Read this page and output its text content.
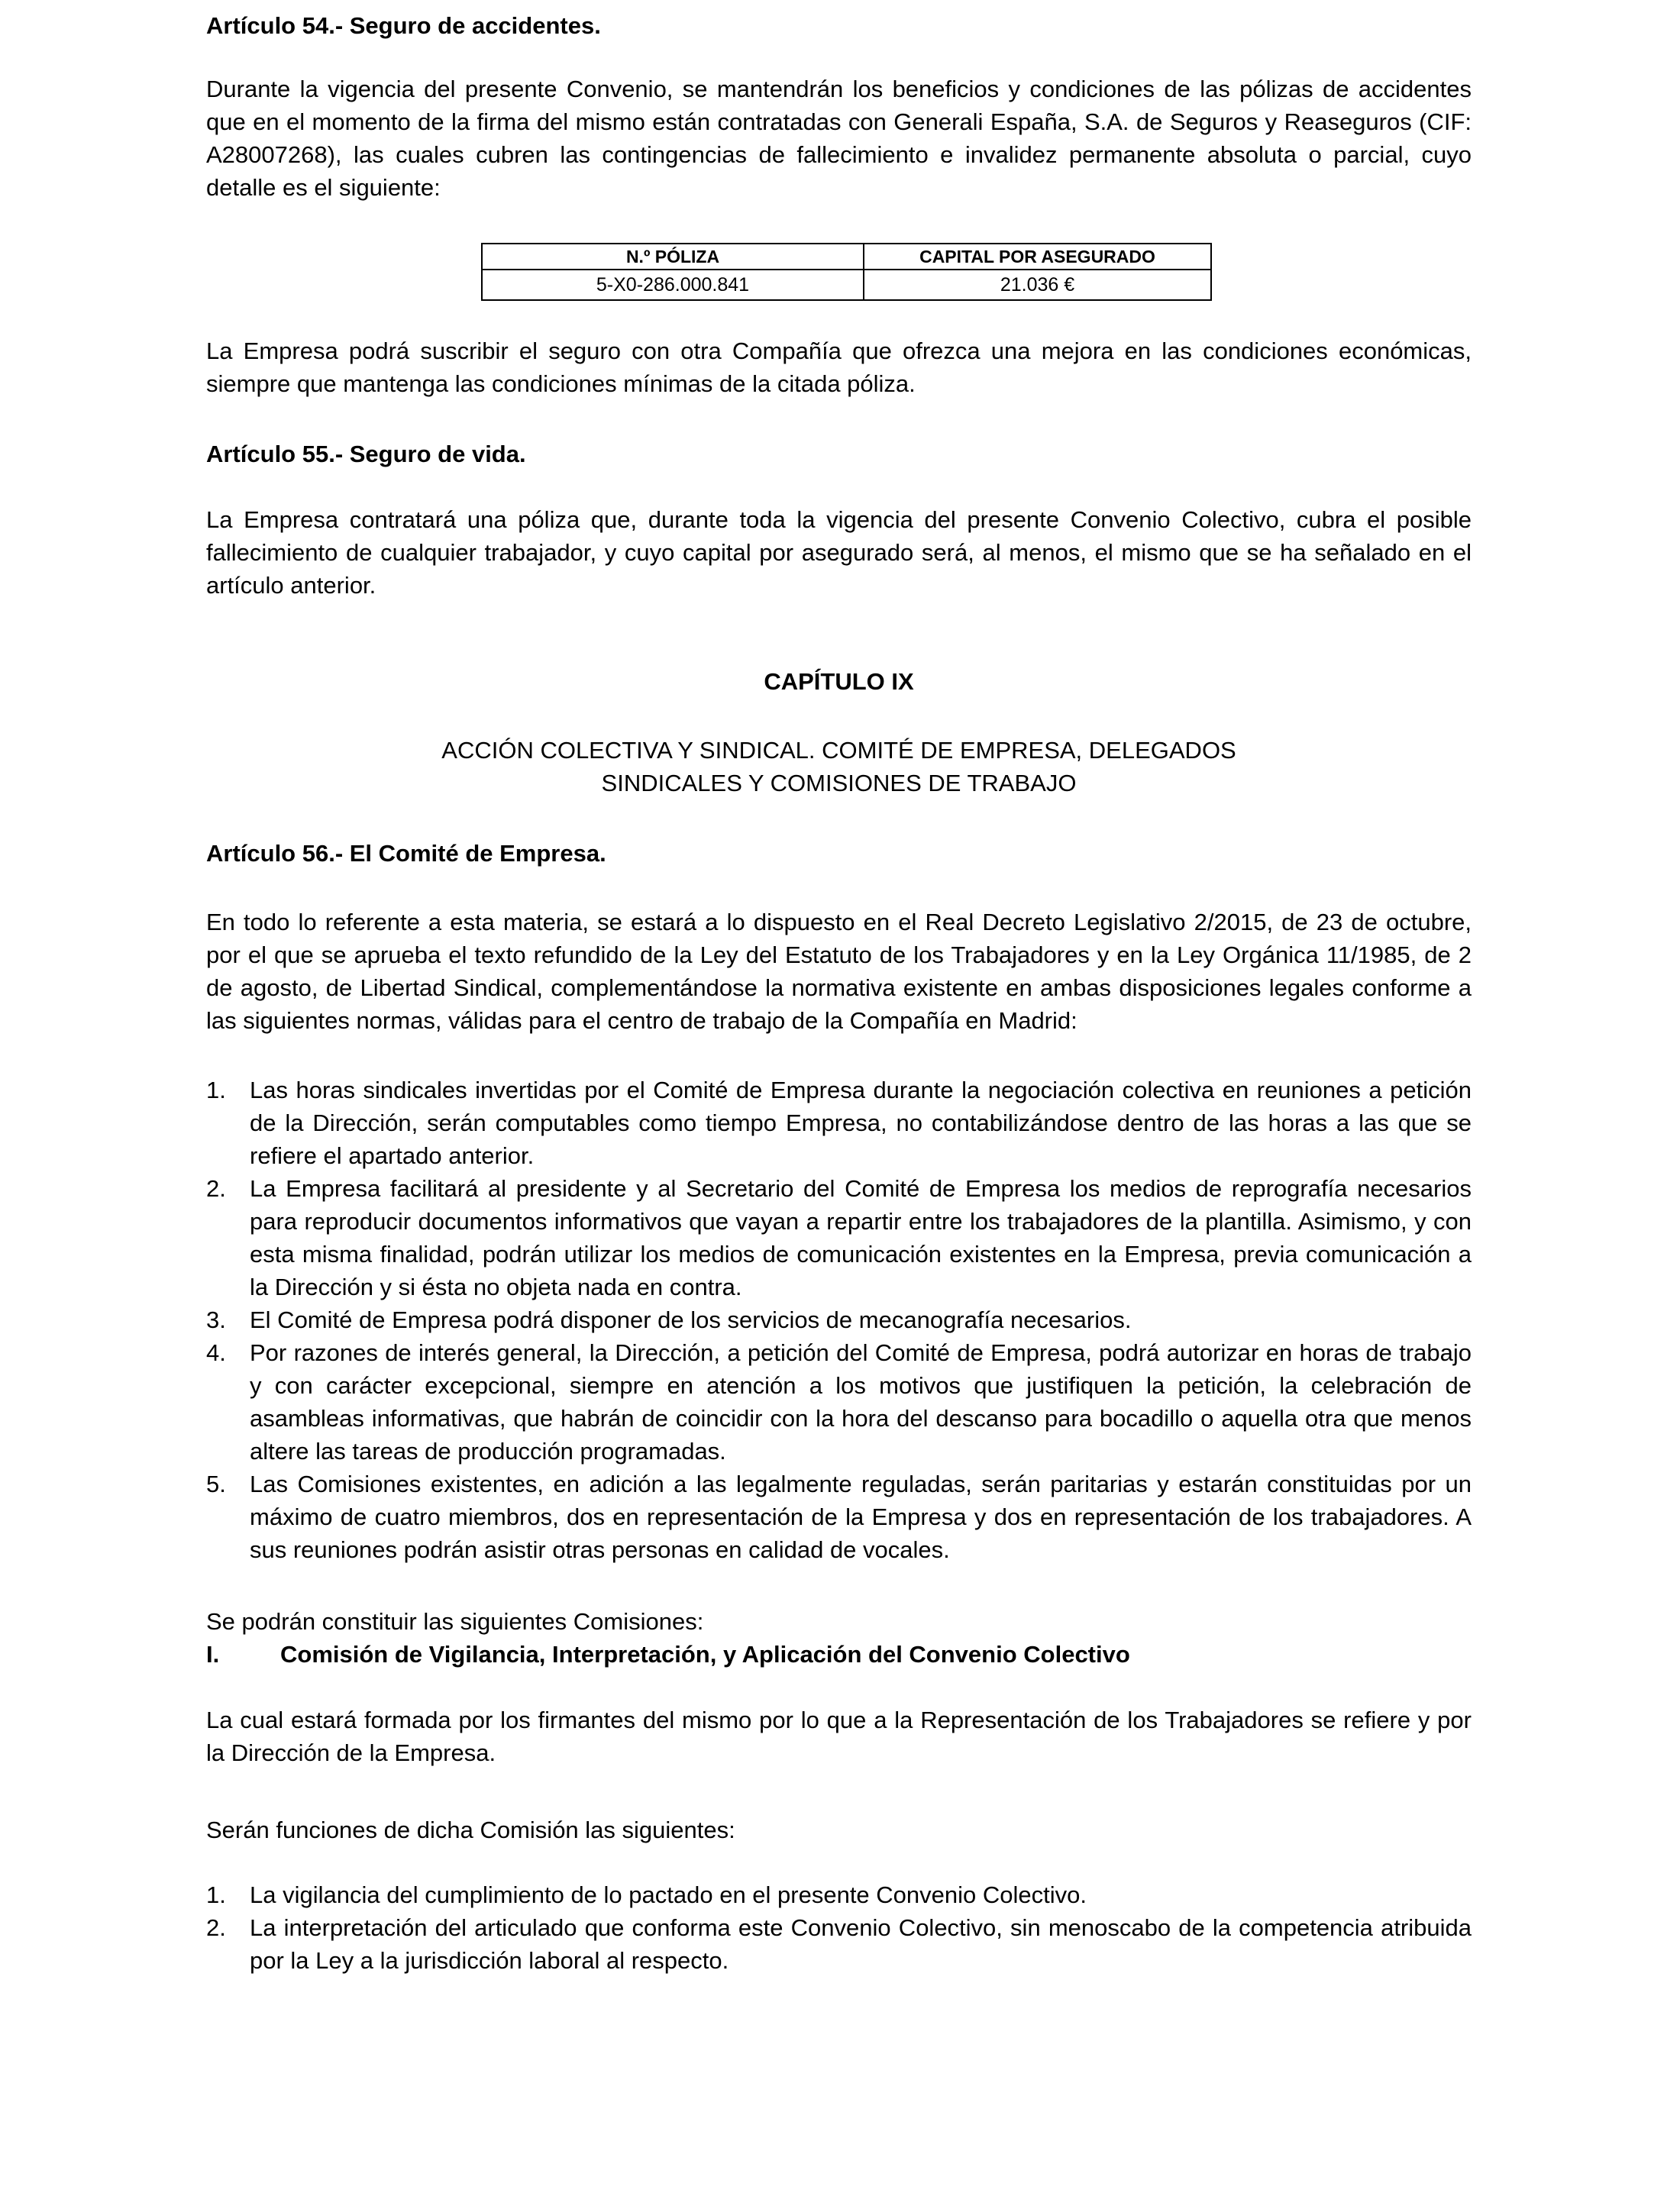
Artículo 54.- Seguro de accidentes.

Durante la vigencia del presente Convenio, se mantendrán los beneficios y condiciones de las pólizas de accidentes que en el momento de la firma del mismo están contratadas con Generali España, S.A. de Seguros y Reaseguros (CIF: A28007268), las cuales cubren las contingencias de fallecimiento e invalidez permanente absoluta o parcial, cuyo detalle es el siguiente:

N.º PÓLIZA	CAPITAL POR ASEGURADO
5-X0-286.000.841	21.036 €

La Empresa podrá suscribir el seguro con otra Compañía que ofrezca una mejora en las condiciones económicas, siempre que mantenga las condiciones mínimas de la citada póliza.

Artículo 55.- Seguro de vida.

La Empresa contratará una póliza que, durante toda la vigencia del presente Convenio Colectivo, cubra el posible fallecimiento de cualquier trabajador, y cuyo capital por asegurado será, al menos, el mismo que se ha señalado en el artículo anterior.

CAPÍTULO IX

ACCIÓN COLECTIVA Y SINDICAL. COMITÉ DE EMPRESA, DELEGADOS
SINDICALES Y COMISIONES DE TRABAJO

Artículo 56.- El Comité de Empresa.

En todo lo referente a esta materia, se estará a lo dispuesto en el Real Decreto Legislativo 2/2015, de 23 de octubre, por el que se aprueba el texto refundido de la Ley del Estatuto de los Trabajadores y en la Ley Orgánica 11/1985, de 2 de agosto, de Libertad Sindical, complementándose la normativa existente en ambas disposiciones legales conforme a las siguientes normas, válidas para el centro de trabajo de la Compañía en Madrid:

1. Las horas sindicales invertidas por el Comité de Empresa durante la negociación colectiva en reuniones a petición de la Dirección, serán computables como tiempo Empresa, no contabilizándose dentro de las horas a las que se refiere el apartado anterior.
2. La Empresa facilitará al presidente y al Secretario del Comité de Empresa los medios de reprografía necesarios para reproducir documentos informativos que vayan a repartir entre los trabajadores de la plantilla. Asimismo, y con esta misma finalidad, podrán utilizar los medios de comunicación existentes en la Empresa, previa comunicación a la Dirección y si ésta no objeta nada en contra.
3. El Comité de Empresa podrá disponer de los servicios de mecanografía necesarios.
4. Por razones de interés general, la Dirección, a petición del Comité de Empresa, podrá autorizar en horas de trabajo y con carácter excepcional, siempre en atención a los motivos que justifiquen la petición, la celebración de asambleas informativas, que habrán de coincidir con la hora del descanso para bocadillo o aquella otra que menos altere las tareas de producción programadas.
5. Las Comisiones existentes, en adición a las legalmente reguladas, serán paritarias y estarán constituidas por un máximo de cuatro miembros, dos en representación de la Empresa y dos en representación de los trabajadores. A sus reuniones podrán asistir otras personas en calidad de vocales.

Se podrán constituir las siguientes Comisiones:

I.	Comisión de Vigilancia, Interpretación, y Aplicación del Convenio Colectivo

La cual estará formada por los firmantes del mismo por lo que a la Representación de los Trabajadores se refiere y por la Dirección de la Empresa.

Serán funciones de dicha Comisión las siguientes:

1. La vigilancia del cumplimiento de lo pactado en el presente Convenio Colectivo.
2. La interpretación del articulado que conforma este Convenio Colectivo, sin menoscabo de la competencia atribuida por la Ley a la jurisdicción laboral al respecto.
